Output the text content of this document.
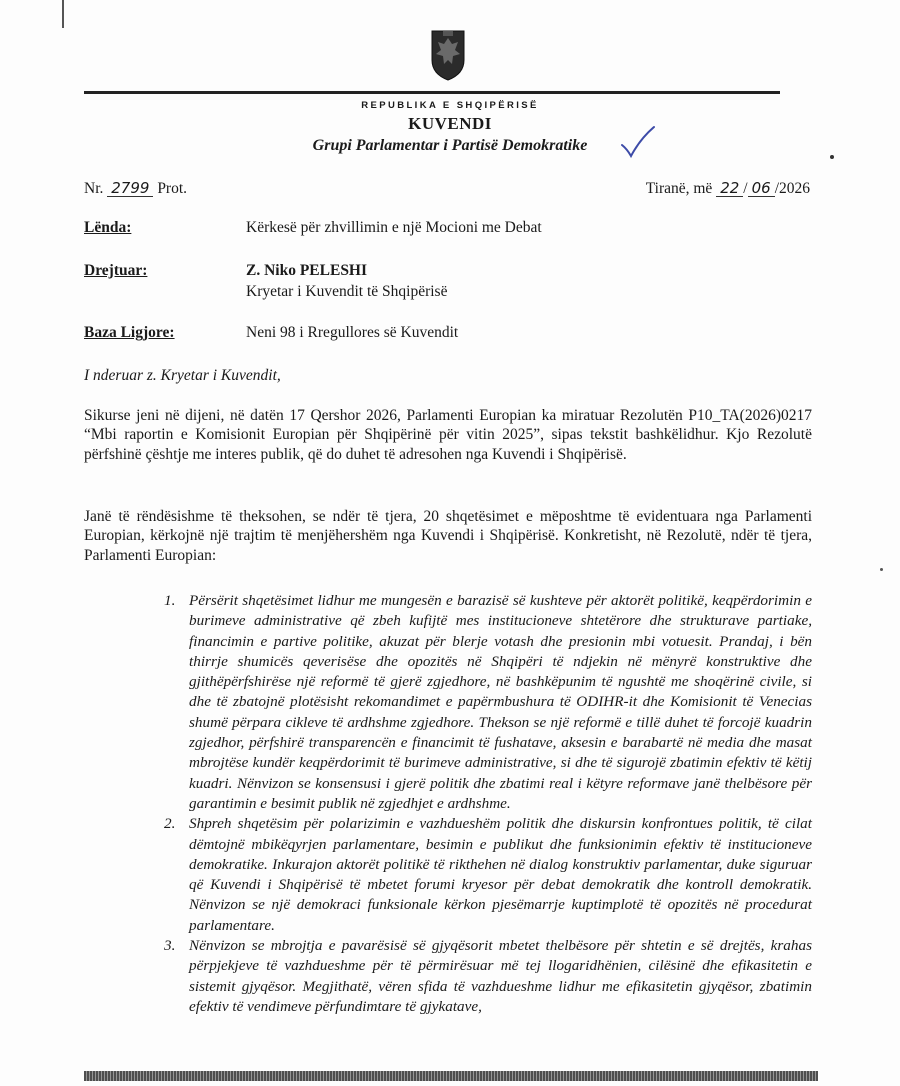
REPUBLIKA E SHQIPËRISË
KUVENDI
Grupi Parlamentar i Partisë Demokratike
Nr. 2799 Prot.	Tiranë, më 22 / 06 /2026
Lënda:	Kërkesë për zhvillimin e një Mocioni me Debat
Drejtuar:	Z. Niko PELESHI
Kryetar i Kuvendit të Shqipërisë
Baza Ligjore:	Neni 98 i Rregullores së Kuvendit
I nderuar z. Kryetar i Kuvendit,
Sikurse jeni në dijeni, në datën 17 Qershor 2026, Parlamenti Europian ka miratuar Rezolutën P10_TA(2026)0217 “Mbi raportin e Komisionit Europian për Shqipërinë për vitin 2025”, sipas tekstit bashkëlidhur. Kjo Rezolutë përfshinë çështje me interes publik, që do duhet të adresohen nga Kuvendi i Shqipërisë.
Janë të rëndësishme të theksohen, se ndër të tjera, 20 shqetësimet e mëposhtme të evidentuara nga Parlamenti Europian, kërkojnë një trajtim të menjëhershëm nga Kuvendi i Shqipërisë. Konkretisht, në Rezolutë, ndër të tjera, Parlamenti Europian:
1. Përsërit shqetësimet lidhur me mungesën e barazisë së kushteve për aktorët politikë, keqpërdorimin e burimeve administrative që zbeh kufijtë mes institucioneve shtetërore dhe strukturave partiake, financimin e partive politike, akuzat për blerje votash dhe presionin mbi votuesit. Prandaj, i bën thirrje shumicës qeverisëse dhe opozitës në Shqipëri të ndjekin në mënyrë konstruktive dhe gjithëpërfshirëse një reformë të gjerë zgjedhore, në bashkëpunim të ngushtë me shoqërinë civile, si dhe të zbatojnë plotësisht rekomandimet e papërmbushura të ODIHR-it dhe Komisionit të Venecias shumë përpara cikleve të ardhshme zgjedhore. Thekson se një reformë e tillë duhet të forcojë kuadrin zgjedhor, përfshirë transparencën e financimit të fushatave, aksesin e barabartë në media dhe masat mbrojtëse kundër keqpërdorimit të burimeve administrative, si dhe të sigurojë zbatimin efektiv të këtij kuadri. Nënvizon se konsensusi i gjerë politik dhe zbatimi real i këtyre reformave janë thelbësore për garantimin e besimit publik në zgjedhjet e ardhshme.
2. Shpreh shqetësim për polarizimin e vazhdueshëm politik dhe diskursin konfrontues politik, të cilat dëmtojnë mbikëqyrjen parlamentare, besimin e publikut dhe funksionimin efektiv të institucioneve demokratike. Inkurajon aktorët politikë të rikthehen në dialog konstruktiv parlamentar, duke siguruar që Kuvendi i Shqipërisë të mbetet forumi kryesor për debat demokratik dhe kontroll demokratik. Nënvizon se një demokraci funksionale kërkon pjesëmarrje kuptimplotë të opozitës në procedurat parlamentare.
3. Nënvizon se mbrojtja e pavarësisë së gjyqësorit mbetet thelbësore për shtetin e së drejtës, krahas përpjekjeve të vazhdueshme për të përmirësuar më tej llogaridhënien, cilësinë dhe efikasitetin e sistemit gjyqësor. Megjithatë, vëren sfida të vazhdueshme lidhur me efikasitetin gjyqësor, zbatimin efektiv të vendimeve përfundimtare të gjykatave,
